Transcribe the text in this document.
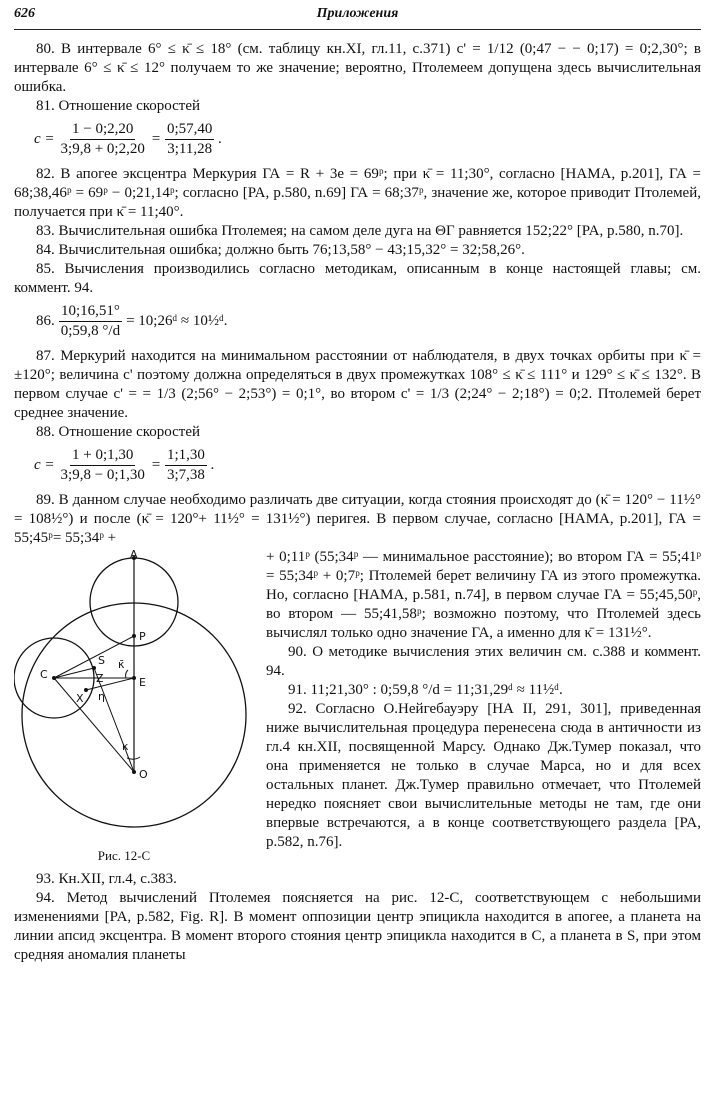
626	Приложения

80. В интервале 6° ≤ κ̄ ≤ 18° (см. таблицу кн.XI, гл.11, с.371) c' = 1/12 (0;47 − − 0;17) = 0;2,30°; в интервале 6° ≤ κ̄ ≤ 12° получаем то же значение; вероятно, Птолемеем допущена здесь вычислительная ошибка.

81. Отношение скоростей

$c = \frac{1 - 0;2,20}{3;9,8 + 0;2,20} = \frac{0;57,40}{3;11,28}$ .

82. В апогее эксцентра Меркурия ГА = R + 3e = 69ᵖ; при κ̄ = 11;30°, согласно [НАМА, p.201], ГА = 68;38,46ᵖ = 69ᵖ − 0;21,14ᵖ; согласно [PA, p.580, n.69] ГА = 68;37ᵖ, значение же, которое приводит Птолемей, получается при κ̄ = 11;40°.

83. Вычислительная ошибка Птолемея; на самом деле дуга на ΘГ равняется 152;22° [PA, p.580, n.70].

84. Вычислительная ошибка; должно быть 76;13,58° − 43;15,32° = 32;58,26°.

85. Вычисления производились согласно методикам, описанным в конце настоящей главы; см. коммент. 94.

86. $\frac{10;16,51^\circ}{0;59,8 ^\circ/d}$ = 10;26ᵈ ≈ 10½ᵈ.

87. Меркурий находится на минимальном расстоянии от наблюдателя, в двух точках орбиты при κ̄ = ±120°; величина c' поэтому должна определяться в двух промежутках 108° ≤ κ̄ ≤ 111° и 129° ≤ κ̄ ≤ 132°. В первом случае c' = = 1/3 (2;56° − 2;53°) = 0;1°, во втором c' = 1/3 (2;24° − 2;18°) = 0;2. Птолемей берет среднее значение.

88. Отношение скоростей

$c = \frac{1 + 0;1,30}{3;9,8 - 0;1,30} = \frac{1;1,30}{3;7,38}$ .

89. В данном случае необходимо различать две ситуации, когда стояния происходят до (κ̄ = 120° − 11½° = 108½°) и после (κ̄ = 120°+ 11½° = 131½°) перигея. В первом случае, согласно [НАМА, p.201], ГА = 55;45ᵖ= 55;34ᵖ +

A
P
E
O
C
S
Z
X η
κ̄
κ
Рис. 12-С

+ 0;11ᵖ (55;34ᵖ — минимальное расстояние); во втором ГА = 55;41ᵖ = 55;34ᵖ + 0;7ᵖ; Птолемей берет величину ГА из этого промежутка. Но, согласно [НАМА, p.581, n.74], в первом случае ГА = 55;45,50ᵖ, во втором — 55;41,58ᵖ; возможно поэтому, что Птолемей здесь вычислял только одно значение ГА, а именно для κ̄ = 131½°.

90. О методике вычисления этих величин см. с.388 и коммент. 94.

91. 11;21,30° : 0;59,8 °/d = 11;31,29ᵈ ≈ 11½ᵈ.

92. Согласно О.Нейгебауэру [НА II, 291, 301], приведенная ниже вычислительная процедура перенесена сюда в античности из гл.4 кн.XII, посвященной Марсу. Однако Дж.Тумер показал, что она применяется не только в случае Марса, но и для всех остальных планет. Дж.Тумер правильно отмечает, что Птолемей нередко поясняет свои вычислительные методы не там, где они впервые встречаются, а в конце соответствующего раздела [PA, p.582, n.76].

93. Кн.XII, гл.4, с.383.

94. Метод вычислений Птолемея поясняется на рис. 12-С, соответствующем с небольшими изменениями [PA, p.582, Fig. R]. В момент оппозиции центр эпицикла находится в апогее, а планета на линии апсид эксцентра. В момент второго стояния центр эпицикла находится в C, а планета в S, при этом средняя аномалия планеты
